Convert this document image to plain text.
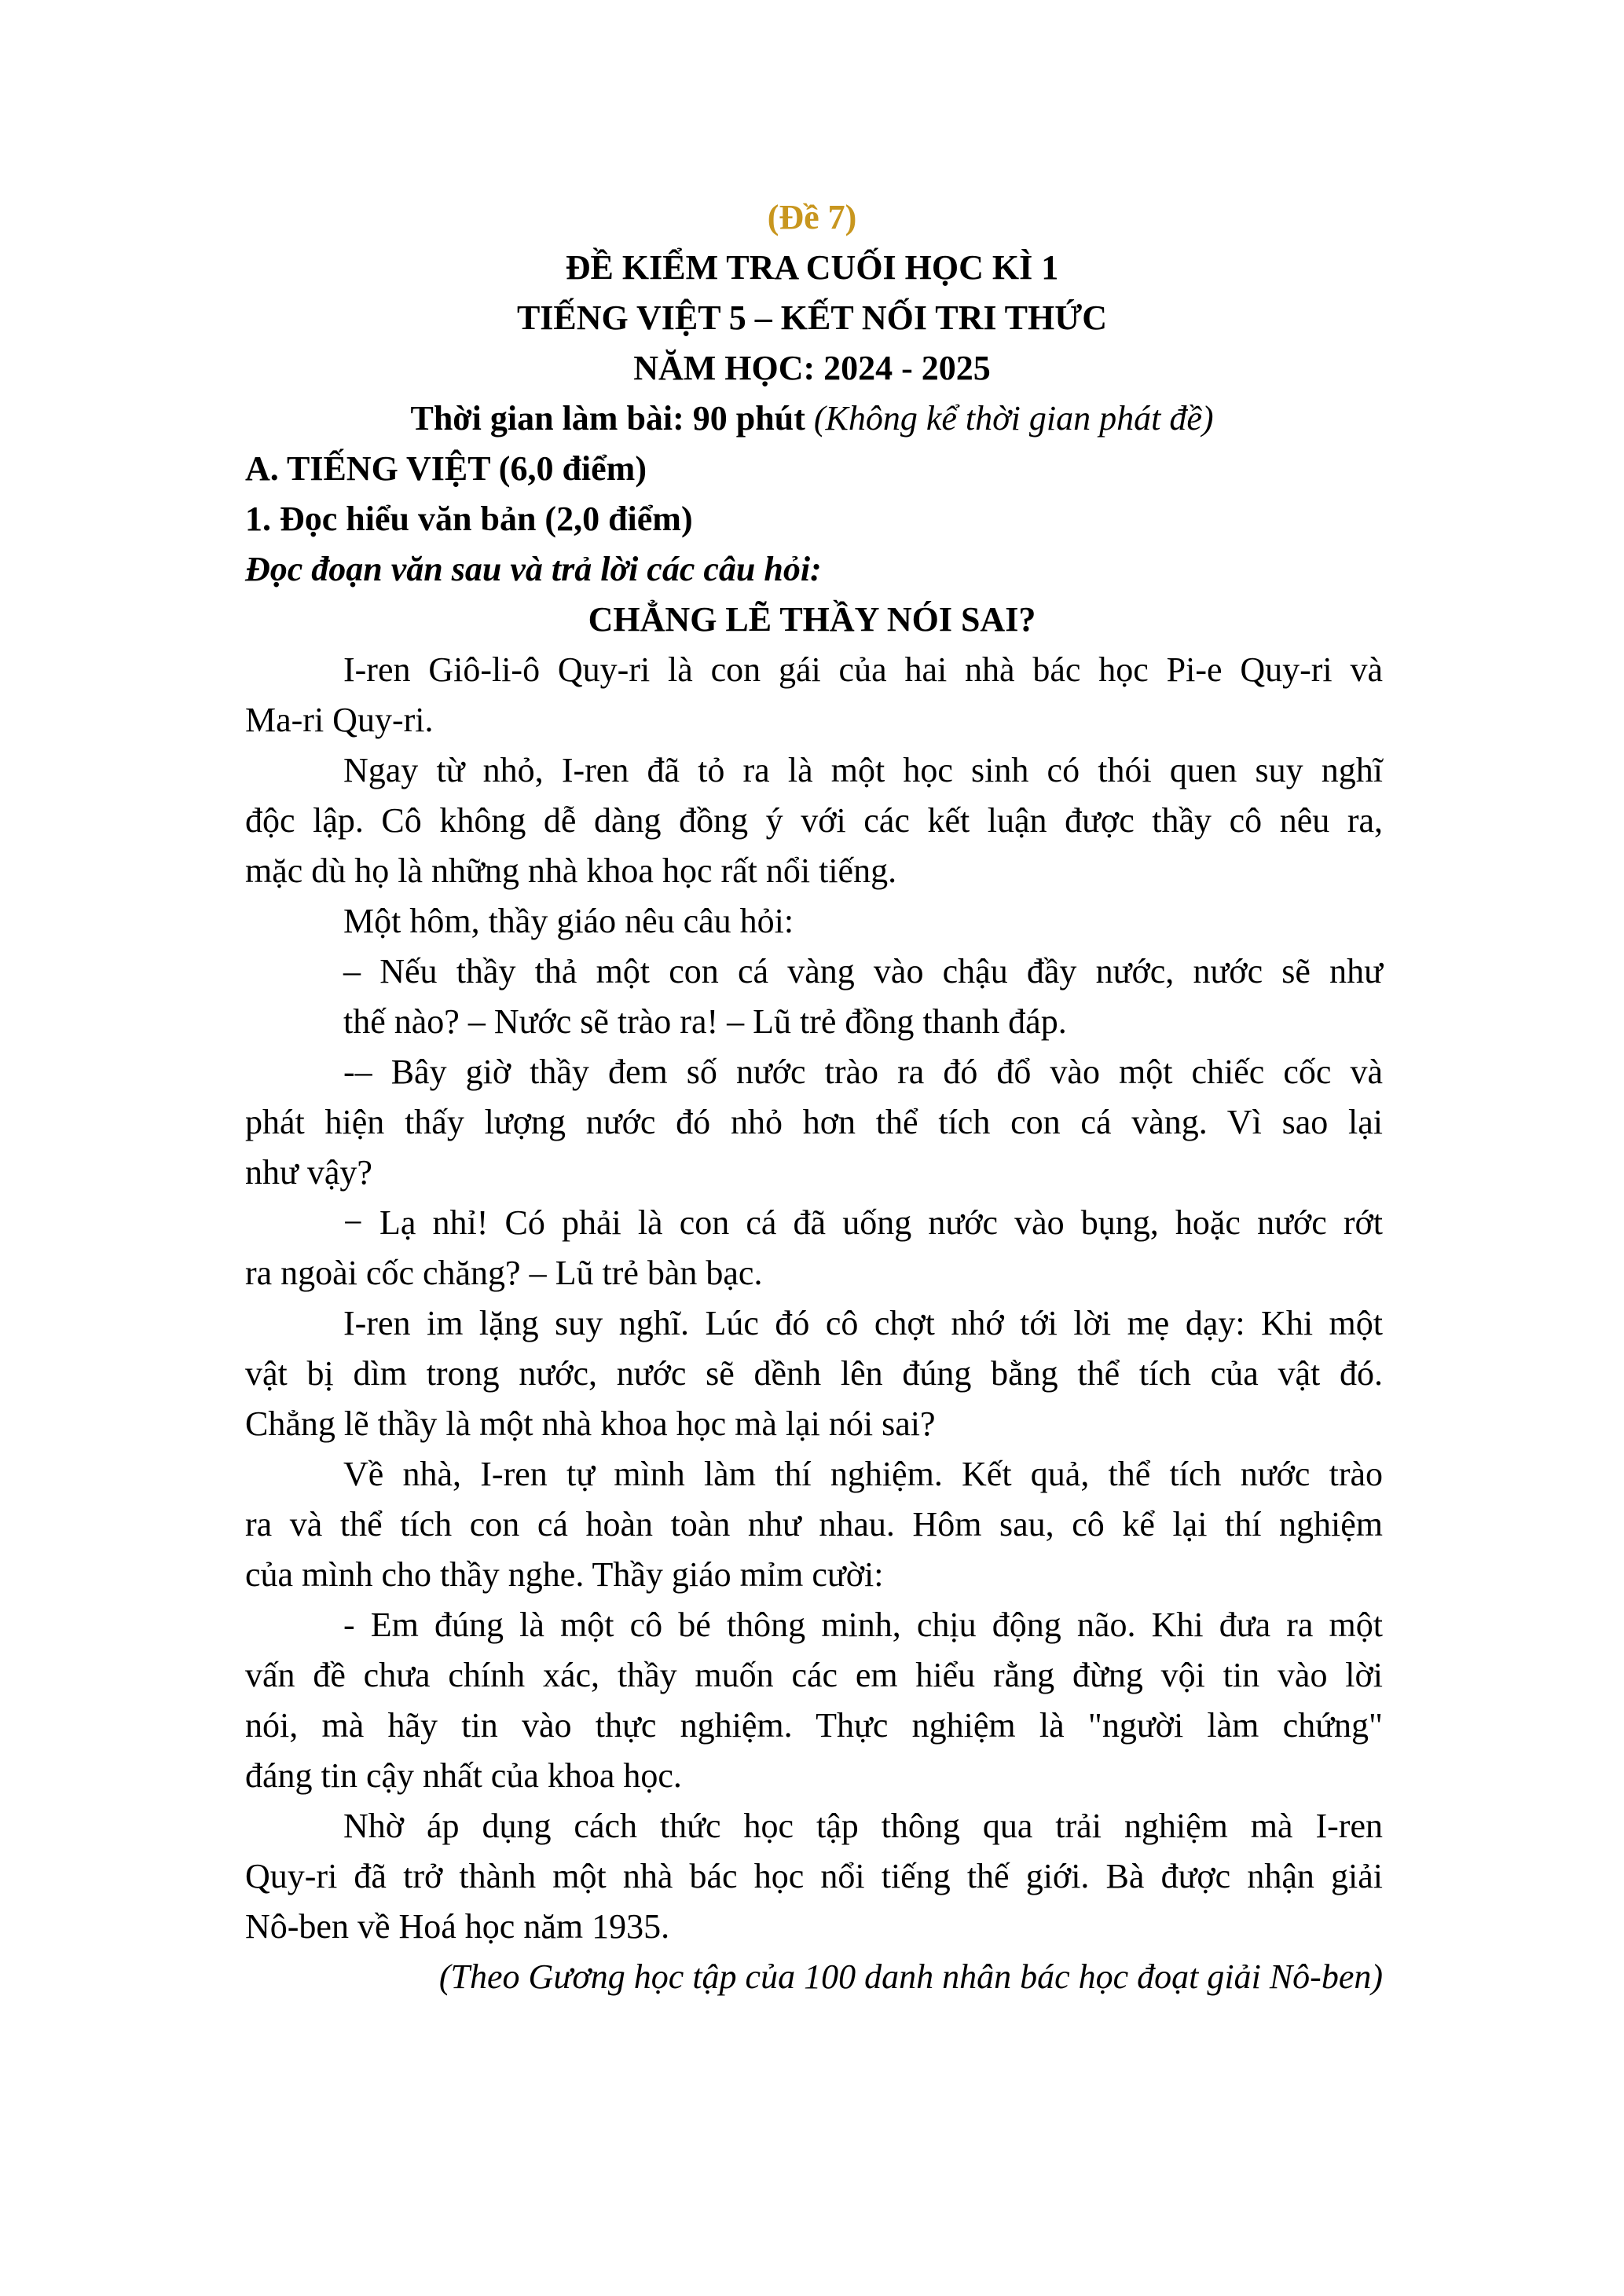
(Đề 7)
ĐỀ KIỂM TRA CUỐI HỌC KÌ 1
TIẾNG VIỆT 5 – KẾT NỐI TRI THỨC
NĂM HỌC: 2024 - 2025
Thời gian làm bài: 90 phút (Không kể thời gian phát đề)
A. TIẾNG VIỆT (6,0 điểm)
1. Đọc hiểu văn bản (2,0 điểm)
Đọc đoạn văn sau và trả lời các câu hỏi:
CHẲNG LẼ THẦY NÓI SAI?
I-ren Giô-li-ô Quy-ri là con gái của hai nhà bác học Pi-e Quy-ri và
Ma-ri Quy-ri.
Ngay từ nhỏ, I-ren đã tỏ ra là một học sinh có thói quen suy nghĩ
độc lập. Cô không dễ dàng đồng ý với các kết luận được thầy cô nêu ra,
mặc dù họ là những nhà khoa học rất nổi tiếng.
Một hôm, thầy giáo nêu câu hỏi:
– Nếu thầy thả một con cá vàng vào chậu đầy nước, nước sẽ như
thế nào? – Nước sẽ trào ra! – Lũ trẻ đồng thanh đáp.
-– Bây giờ thầy đem số nước trào ra đó đổ vào một chiếc cốc và
phát hiện thấy lượng nước đó nhỏ hơn thể tích con cá vàng. Vì sao lại
như vậy?
− Lạ nhỉ! Có phải là con cá đã uống nước vào bụng, hoặc nước rớt
ra ngoài cốc chăng? – Lũ trẻ bàn bạc.
I-ren im lặng suy nghĩ. Lúc đó cô chợt nhớ tới lời mẹ dạy: Khi một
vật bị dìm trong nước, nước sẽ dềnh lên đúng bằng thể tích của vật đó.
Chẳng lẽ thầy là một nhà khoa học mà lại nói sai?
Về nhà, I-ren tự mình làm thí nghiệm. Kết quả, thể tích nước trào
ra và thể tích con cá hoàn toàn như nhau. Hôm sau, cô kể lại thí nghiệm
của mình cho thầy nghe. Thầy giáo mỉm cười:
- Em đúng là một cô bé thông minh, chịu động não. Khi đưa ra một
vấn đề chưa chính xác, thầy muốn các em hiểu rằng đừng vội tin vào lời
nói, mà hãy tin vào thực nghiệm. Thực nghiệm là "người làm chứng"
đáng tin cậy nhất của khoa học.
Nhờ áp dụng cách thức học tập thông qua trải nghiệm mà I-ren
Quy-ri đã trở thành một nhà bác học nổi tiếng thế giới. Bà được nhận giải
Nô-ben về Hoá học năm 1935.
(Theo Gương học tập của 100 danh nhân bác học đoạt giải Nô-ben)
